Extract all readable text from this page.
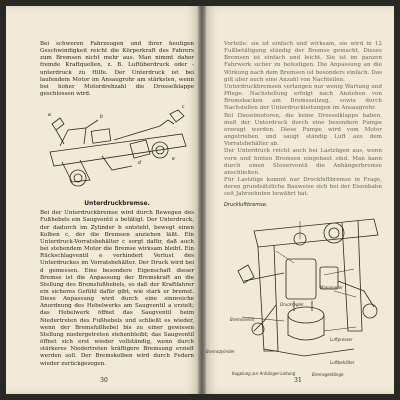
Bei schweren Fahrzeugen und ihrer heutigen Geschwindigkeit reicht die Körperkraft des Fahrers zum Bremsen nicht mehr aus. Man nimmt daher fremde Kraftquellen, z. B. Luftüberdruck oder -unterdruck zu Hilfe. Der Unterdruck ist bei laufendem Motor im Ansaugrohr am stärksten, wenn bei hoher Motordrehzahl die Drosselklappe geschlossen wird.

a	b
c
d
e
Unterdruckbremse.

Bei der Unterdruckbremse wird durch Bewegen des Fußhebels ein Saugventil a betätigt. Der Unterdruck, der dadurch im Zylinder b entsteht, bewegt einen Kolben c, der die Bremsen anziehen läßt. Ein Unterdruck-Vorratsbehälter c sorgt dafür, daß auch bei stehendem Motor die Bremse wirksam bleibt. Ein Rückschlagventil e verhindert Verlust des Unterdruckes im Vorratsbehälter. Der Druck wird bei d gemessen. Eine besondere Eigenschaft dieser Bremse ist die Anpassung der Bremskraft an die Stellung des Bremsfußhebels, so daß der Kraftfahrer ein sicheres Gefühl dafür gibt, wie stark er bremst. Diese Anpassung wird durch eine sinnreiche Anordnung des Hebelwerks am Saugventil a erzielt; das Hebelwerk öffnet das Saugventil beim Niedertreten des Fußhebels und schließt es wieder, wenn der Bremsfußhebel bis zu einer gewissen Stellung niedergetreten stehenbleibt; das Saugventil öffnet sich erst wieder vollständig, wenn durch stärkeres Niedertreten kräftigere Bremsung erzielt werden soll. Der Bremskolben wird durch Federn wieder zurückgezogen.

30

Vorteile: sie ist einfach und wirksam, sie wird in 12 Fußbetätigung ständig der Bremse gemacht. Dieses Bremsen ist einfach und leicht. Sie ist im ganzen Fahrwerk sicher zu befestigen. Die Anpassung an die Wirkung nach dem Bremsen ist besonders einfach. Das gilt aber auch eine Anzahl von Nachteilen.

Unterdruckbremsen verlangen nur wenig Wartung und Pflege. Nachstellung erfolgt nach Anziehen von Bremsbacken am Bremsseilzug, sowie durch Nachstellen der Unterdruckleitungen im Ansaugrohr.

Bei Dieselmotoren, die keine Drosselklappe haben, muß der Unterdruck durch eine besondere Pumpe erzeugt werden. Diese Pumpe wird vom Motor angetrieben und saugt ständig Luft aus dem Vorratsbehälter ab.

Der Unterdruck reicht auch bei Lastzügen aus, wenn vorn und hinten Bremsen eingebaut sind. Man kann durch einen Steuerventil die Anhängerbremse anschließen.

Für Lastzüge kommt nur Druckluftbremse in Frage, deren grundsätzliche Bauweise sich bei der Eisenbahn seit Jahrzehnten bewährt hat.

Druckluftbremse.
Manometer
Druckregler
Bremsventil
Luftpresser
Bremszylinder
Luftbehälter
Bremsgestänge
Kupplung zur Anhänger-Leitung
31
